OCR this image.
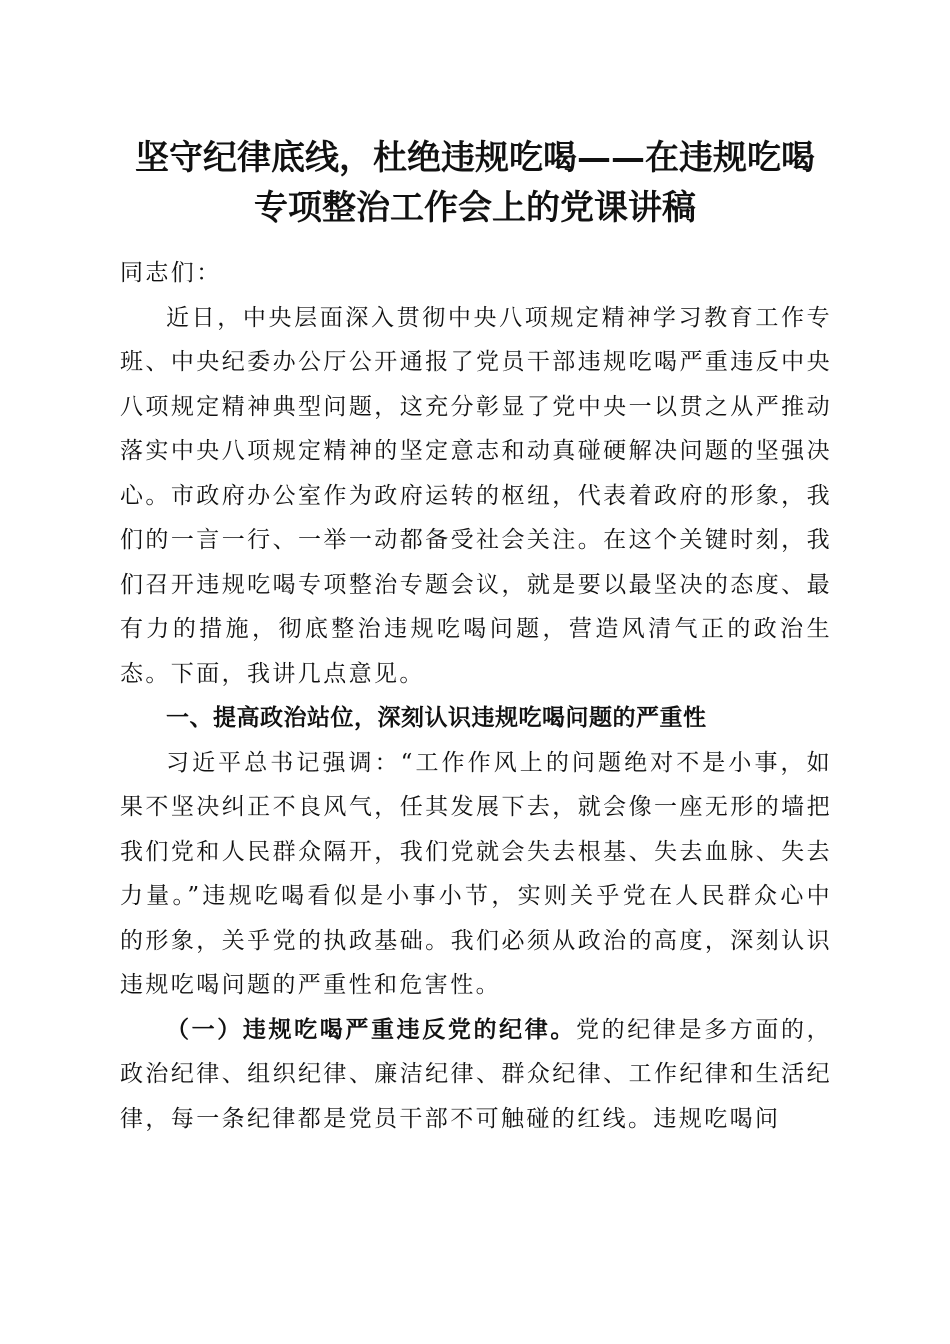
坚守纪律底线，杜绝违规吃喝——在违规吃喝
专项整治工作会上的党课讲稿

同志们：

近日，中央层面深入贯彻中央八项规定精神学习教育工作专班、中央纪委办公厅公开通报了党员干部违规吃喝严重违反中央八项规定精神典型问题，这充分彰显了党中央一以贯之从严推动落实中央八项规定精神的坚定意志和动真碰硬解决问题的坚强决心。市政府办公室作为政府运转的枢纽，代表着政府的形象，我们的一言一行、一举一动都备受社会关注。在这个关键时刻，我们召开违规吃喝专项整治专题会议，就是要以最坚决的态度、最有力的措施，彻底整治违规吃喝问题，营造风清气正的政治生态。下面，我讲几点意见。

一、提高政治站位，深刻认识违规吃喝问题的严重性

习近平总书记强调：“工作作风上的问题绝对不是小事，如果不坚决纠正不良风气，任其发展下去，就会像一座无形的墙把我们党和人民群众隔开，我们党就会失去根基、失去血脉、失去力量。”违规吃喝看似是小事小节，实则关乎党在人民群众心中的形象，关乎党的执政基础。我们必须从政治的高度，深刻认识违规吃喝问题的严重性和危害性。

（一）违规吃喝严重违反党的纪律。党的纪律是多方面的，政治纪律、组织纪律、廉洁纪律、群众纪律、工作纪律和生活纪律，每一条纪律都是党员干部不可触碰的红线。违规吃喝问
